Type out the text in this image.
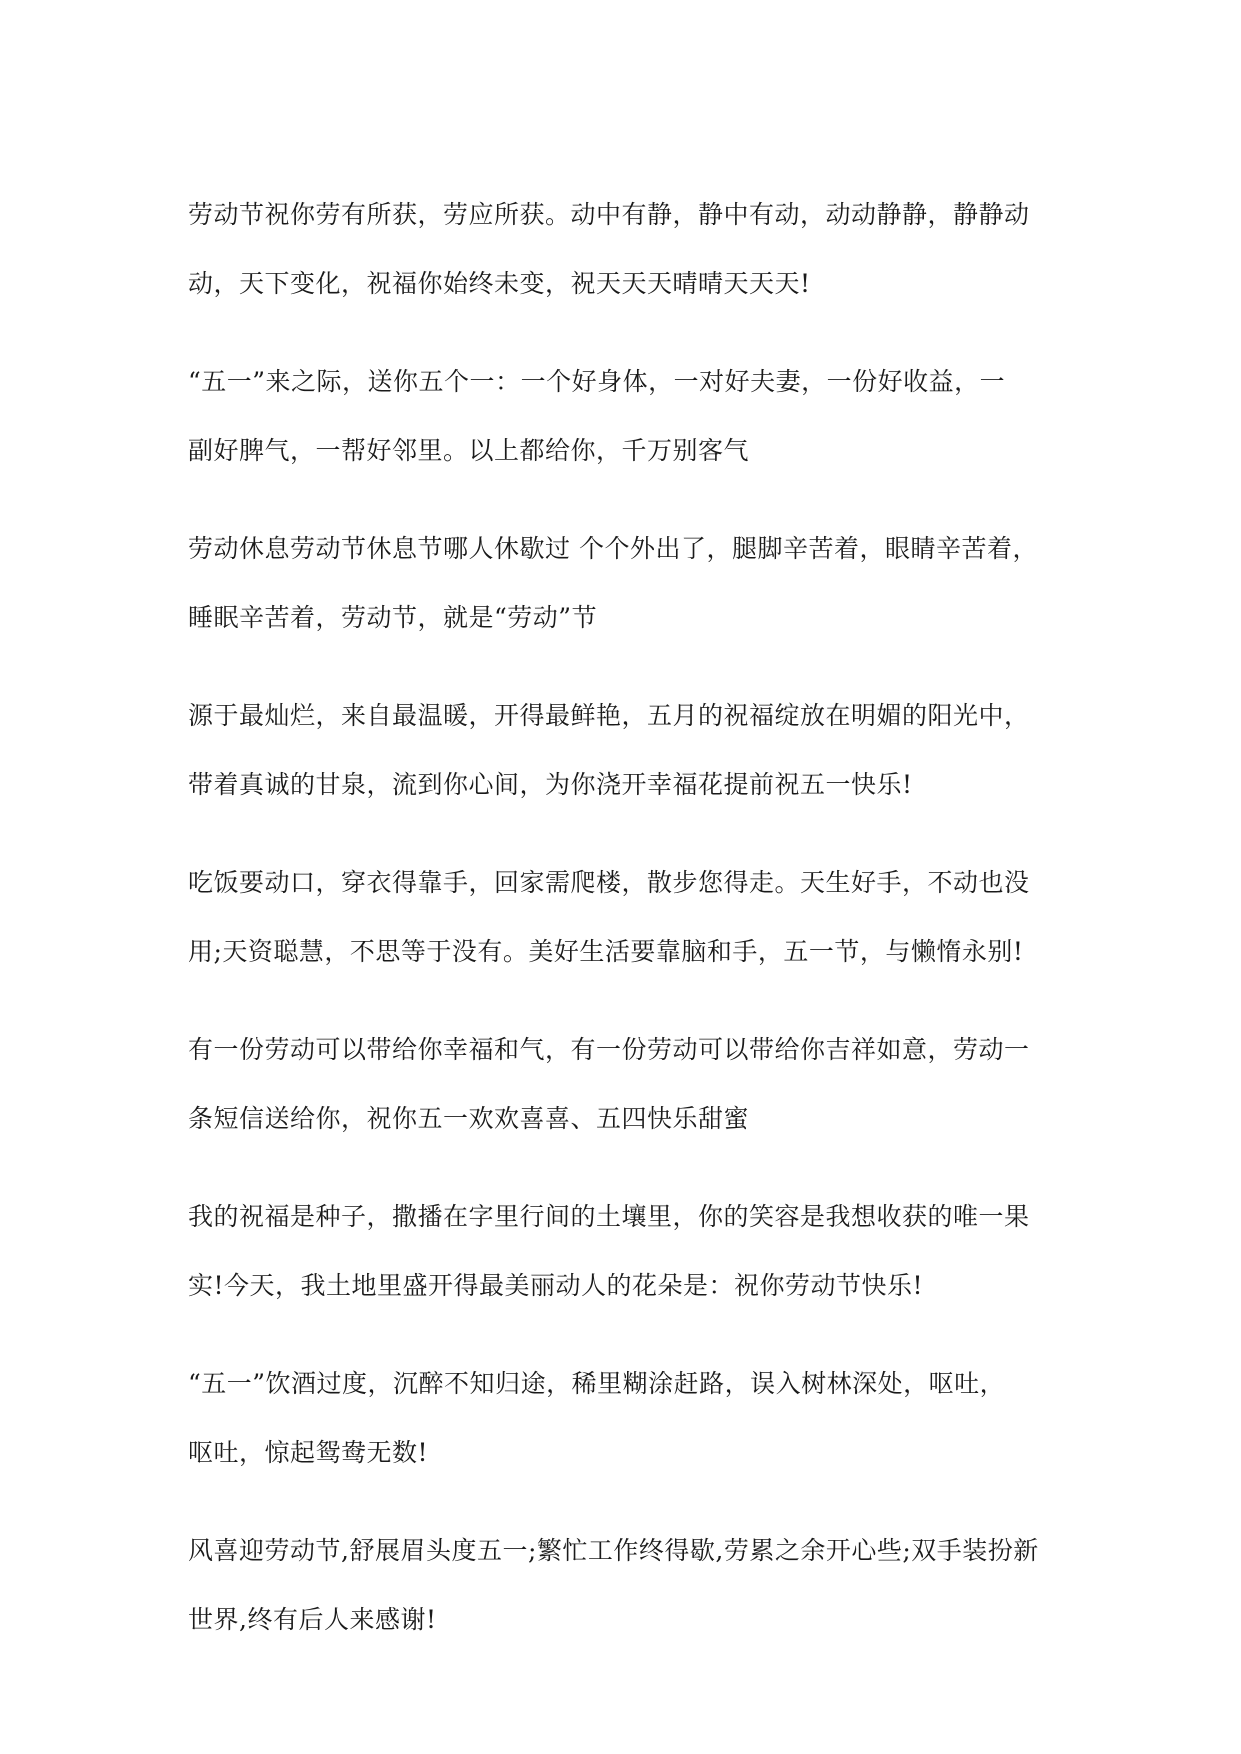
劳动节祝你劳有所获，劳应所获。动中有静，静中有动，动动静静，静静动
动，天下变化，祝福你始终未变，祝天天天晴晴天天天!

“五一”来之际，送你五个一：一个好身体，一对好夫妻，一份好收益，一
副好脾气，一帮好邻里。以上都给你，千万别客气

劳动休息劳动节休息节哪人休歇过 个个外出了，腿脚辛苦着，眼睛辛苦着，
睡眠辛苦着，劳动节，就是“劳动”节

源于最灿烂，来自最温暖，开得最鲜艳，五月的祝福绽放在明媚的阳光中，
带着真诚的甘泉，流到你心间，为你浇开幸福花提前祝五一快乐!

吃饭要动口，穿衣得靠手，回家需爬楼，散步您得走。天生好手，不动也没
用;天资聪慧，不思等于没有。美好生活要靠脑和手，五一节，与懒惰永别!

有一份劳动可以带给你幸福和气，有一份劳动可以带给你吉祥如意，劳动一
条短信送给你，祝你五一欢欢喜喜、五四快乐甜蜜

我的祝福是种子，撒播在字里行间的土壤里，你的笑容是我想收获的唯一果
实!今天，我土地里盛开得最美丽动人的花朵是：祝你劳动节快乐!

“五一”饮酒过度，沉醉不知归途，稀里糊涂赶路，误入树林深处，呕吐，
呕吐，惊起鸳鸯无数!

风喜迎劳动节,舒展眉头度五一;繁忙工作终得歇,劳累之余开心些;双手装扮新
世界,终有后人来感谢!
